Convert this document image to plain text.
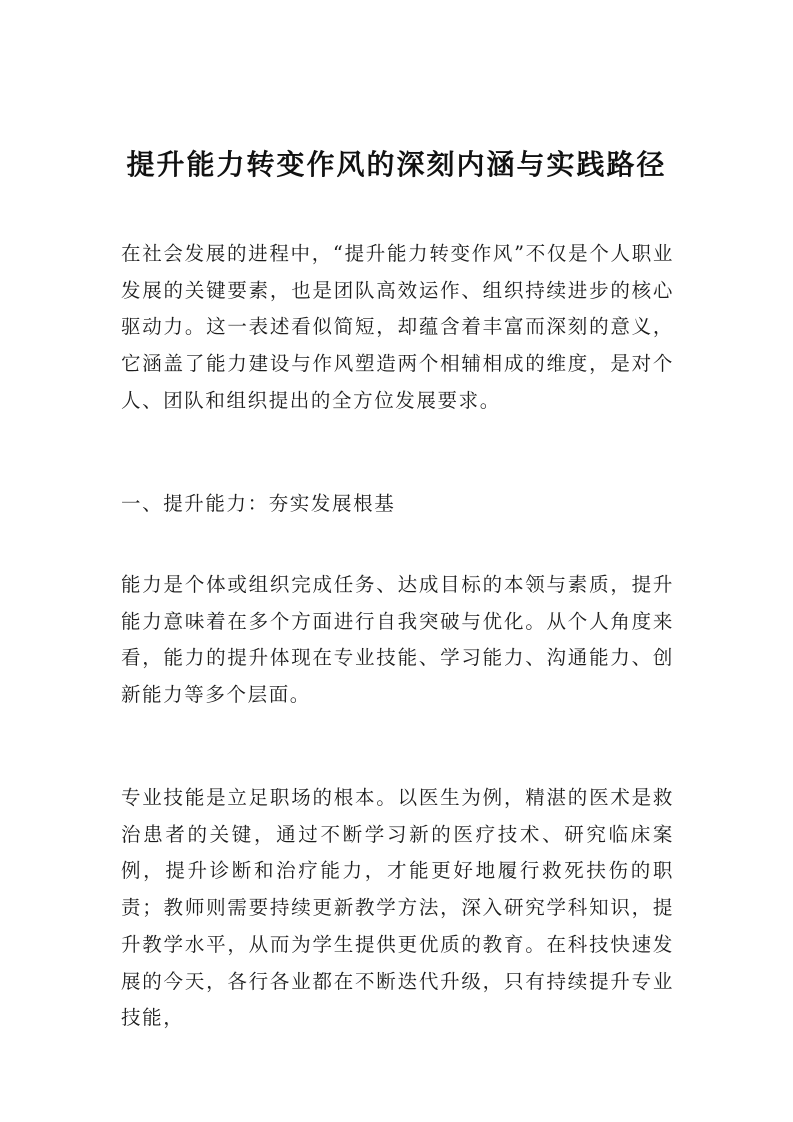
提升能力转变作风的深刻内涵与实践路径

在社会发展的进程中，“提升能力转变作风”不仅是个人职业发展的关键要素，也是团队高效运作、组织持续进步的核心驱动力。这一表述看似简短，却蕴含着丰富而深刻的意义，它涵盖了能力建设与作风塑造两个相辅相成的维度，是对个人、团队和组织提出的全方位发展要求。

一、提升能力：夯实发展根基

能力是个体或组织完成任务、达成目标的本领与素质，提升能力意味着在多个方面进行自我突破与优化。从个人角度来看，能力的提升体现在专业技能、学习能力、沟通能力、创新能力等多个层面。

专业技能是立足职场的根本。以医生为例，精湛的医术是救治患者的关键，通过不断学习新的医疗技术、研究临床案例，提升诊断和治疗能力，才能更好地履行救死扶伤的职责；教师则需要持续更新教学方法，深入研究学科知识，提升教学水平，从而为学生提供更优质的教育。在科技快速发展的今天，各行各业都在不断迭代升级，只有持续提升专业技能，
